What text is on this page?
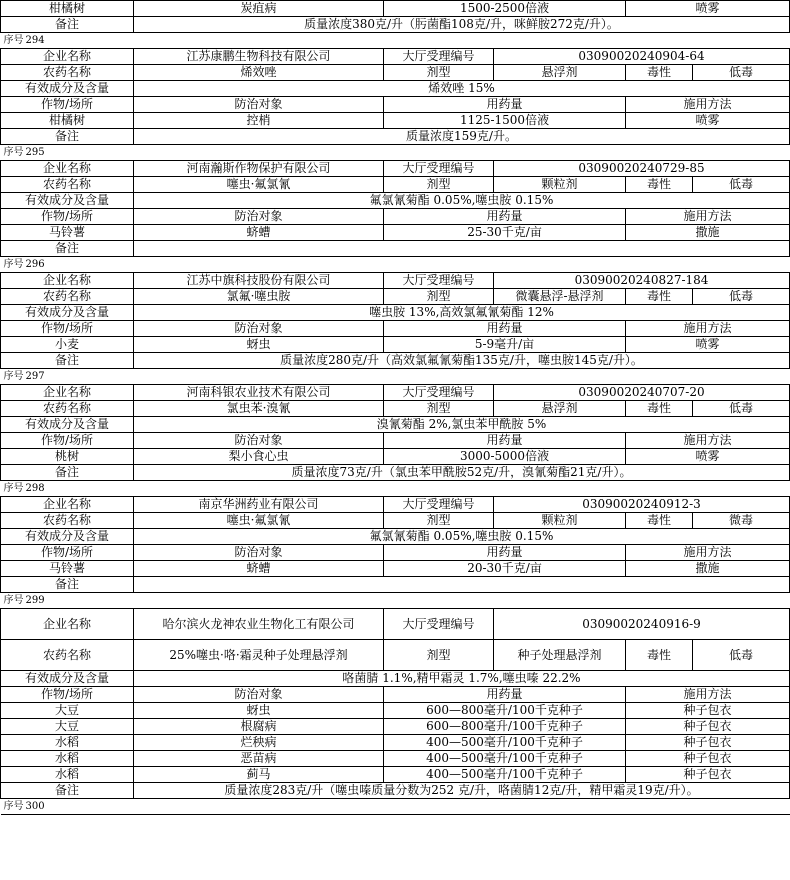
柑橘树	炭疽病	1500-2500倍液		喷雾	
备注	质量浓度380克/升（肟菌酯108克/升，咪鲜胺272克/升）。				
序号 294					
企业名称	江苏康鹏生物科技有限公司	大厅受理编号	03090020240904-64		
农药名称	烯效唑	剂型	悬浮剂	毒性	低毒
有效成分及含量	烯效唑 15%				
作物/场所	防治对象	用药量		施用方法	
柑橘树	控梢	1125-1500倍液		喷雾	
备注	质量浓度159克/升。				
序号 295					
企业名称	河南瀚斯作物保护有限公司	大厅受理编号	03090020240729-85		
农药名称	噻虫·氟氯氰	剂型	颗粒剂	毒性	低毒
有效成分及含量	氟氯氰菊酯 0.05%,噻虫胺 0.15%				
作物/场所	防治对象	用药量		施用方法	
马铃薯	蛴螬	25-30千克/亩		撒施	
备注					
序号 296					
企业名称	江苏中旗科技股份有限公司	大厅受理编号	03090020240827-184		
农药名称	氯氟·噻虫胺	剂型	微囊悬浮-悬浮剂	毒性	低毒
有效成分及含量	噻虫胺 13%,高效氯氟氰菊酯 12%				
作物/场所	防治对象	用药量		施用方法	
小麦	蚜虫	5-9毫升/亩		喷雾	
备注	质量浓度280克/升（高效氯氟氰菊酯135克/升，噻虫胺145克/升）。				
序号 297					
企业名称	河南科银农业技术有限公司	大厅受理编号	03090020240707-20		
农药名称	氯虫苯·溴氰	剂型	悬浮剂	毒性	低毒
有效成分及含量	溴氰菊酯 2%,氯虫苯甲酰胺 5%				
作物/场所	防治对象	用药量		施用方法	
桃树	梨小食心虫	3000-5000倍液		喷雾	
备注	质量浓度73克/升（氯虫苯甲酰胺52克/升，溴氰菊酯21克/升）。				
序号 298					
企业名称	南京华洲药业有限公司	大厅受理编号	03090020240912-3		
农药名称	噻虫·氟氯氰	剂型	颗粒剂	毒性	微毒
有效成分及含量	氟氯氰菊酯 0.05%,噻虫胺 0.15%				
作物/场所	防治对象	用药量		施用方法	
马铃薯	蛴螬	20-30千克/亩		撒施	
备注					
序号 299					
企业名称	哈尔滨火龙神农业生物化工有限公司	大厅受理编号	03090020240916-9		
农药名称	25%噻虫·咯·霜灵种子处理悬浮剂	剂型	种子处理悬浮剂	毒性	低毒
有效成分及含量	咯菌腈 1.1%,精甲霜灵 1.7%,噻虫嗪 22.2%				
作物/场所	防治对象	用药量		施用方法	
大豆	蚜虫	600—800毫升/100千克种子		种子包衣	
大豆	根腐病	600—800毫升/100千克种子		种子包衣	
水稻	烂秧病	400—500毫升/100千克种子		种子包衣	
水稻	恶苗病	400—500毫升/100千克种子		种子包衣	
水稻	蓟马	400—500毫升/100千克种子		种子包衣	
备注	质量浓度283克/升（噻虫嗪质量分数为252 克/升，咯菌腈12克/升，精甲霜灵19克/升）。				
序号 300					
